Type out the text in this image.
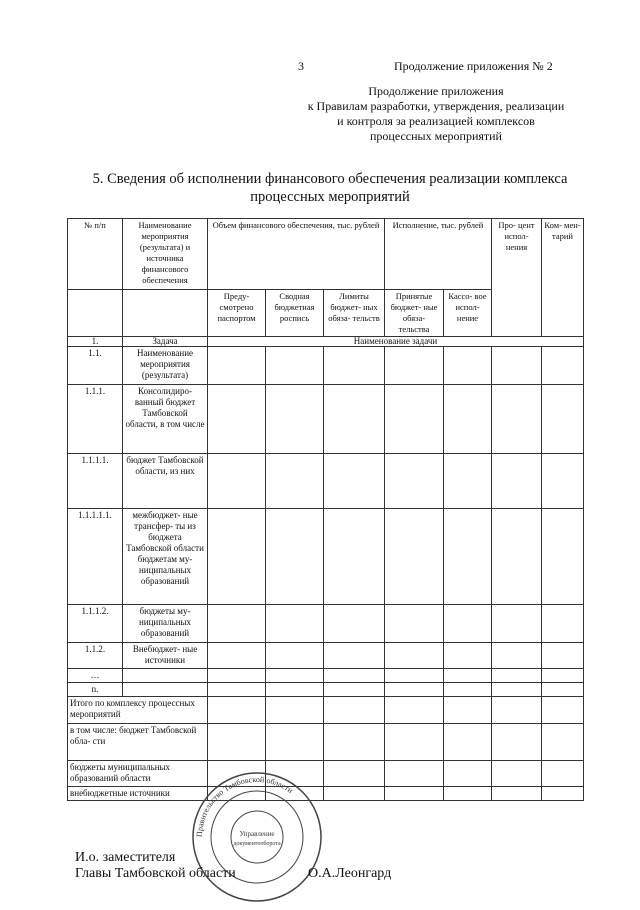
3	Продолжение приложения № 2
Продолжение приложения
к Правилам разработки, утверждения, реализации
и контроля за реализацией комплексов
процессных мероприятий
5. Сведения об исполнении финансового обеспечения реализации комплекса
процессных мероприятий
№ п/п	Наименование мероприятия (результата) и источника финансового обеспечения	Объем финансового обеспечения, тыс. рублей			Исполнение, тыс. рублей		Про- цент испол- нения	Ком- мен- тарий
		Преду- смотрено паспортом	Сводная бюджетная роспись	Лимиты бюджет- ных обяза- тельств	Принятые бюджет- ные обяза- тельства	Кассо- вое испол- нение		
1.	Задача	Наименование задачи						
1.1.	Наименование мероприятия (результата)							
1.1.1.	Консолидиро- ванный бюджет Тамбовской области, в том числе							
1.1.1.1.	бюджет Тамбовской области, из них							
1.1.1.1.1.	межбюджет- ные трансфер- ты из бюджета Тамбовской области бюджетам му- ниципальных образований							
1.1.1.2.	бюджеты му- ниципальных образований							
1.1.2.	Внебюджет- ные источники							
…								
n.								
Итого по комплексу процессных мероприятий								
в том числе: бюджет Тамбовской обла- сти								
бюджеты муниципальных образований области								
внебюджетные источники								
Правительство Тамбовской области
Управление
документооборота
И.о. заместителя
Главы Тамбовской области	О.А.Леонгард
